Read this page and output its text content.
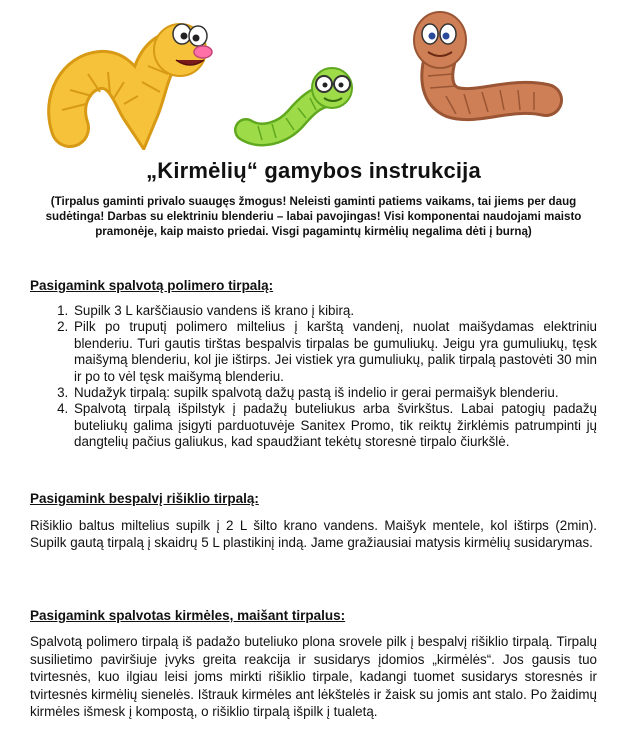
„Kirmėlių“ gamybos instrukcija
(Tirpalus gaminti privalo suaugęs žmogus! Neleisti gaminti patiems vaikams, tai jiems per daug sudėtinga! Darbas su elektriniu blenderiu – labai pavojingas! Visi komponentai naudojami maisto pramonėje, kaip maisto priedai. Visgi pagamintų kirmėlių negalima dėti į burną)
Pasigamink spalvotą polimero tirpalą:
1. Supilk 3 L karščiausio vandens iš krano į kibirą.
2. Pilk po truputį polimero miltelius į karštą vandenį, nuolat maišydamas elektriniu blenderiu. Turi gautis tirštas bespalvis tirpalas be gumuliukų. Jeigu yra gumuliukų, tęsk maišymą blenderiu, kol jie ištirps. Jei vistiek yra gumuliukų, palik tirpalą pastovėti 30 min ir po to vėl tęsk maišymą blenderiu.
3. Nudažyk tirpalą: supilk spalvotą dažų pastą iš indelio ir gerai permaišyk blenderiu.
4. Spalvotą tirpalą išpilstyk į padažų buteliukus arba švirkštus. Labai patogių padažų buteliukų galima įsigyti parduotuvėje Sanitex Promo, tik reiktų žirklėmis patrumpinti jų dangtelių pačius galiukus, kad spaudžiant tekėtų storesnė tirpalo čiurkšlė.
Pasigamink bespalvį rišiklio tirpalą:

Rišiklio baltus miltelius supilk į 2 L šilto krano vandens. Maišyk mentele, kol ištirps (2min). Supilk gautą tirpalą į skaidrų 5 L plastikinį indą. Jame gražiausiai matysis kirmėlių susidarymas.

Pasigamink spalvotas kirmėles, maišant tirpalus:

Spalvotą polimero tirpalą iš padažo buteliuko plona srovele pilk į bespalvį rišiklio tirpalą. Tirpalų susilietimo paviršiuje įvyks greita reakcija ir susidarys įdomios „kirmėlės“. Jos gausis tuo tvirtesnės, kuo ilgiau leisi joms mirkti rišiklio tirpale, kadangi tuomet susidarys storesnės ir tvirtesnės kirmėlių sienelės. Ištrauk kirmėles ant lėkštelės ir žaisk su jomis ant stalo. Po žaidimų kirmėles išmesk į kompostą, o rišiklio tirpalą išpilk į tualetą.
